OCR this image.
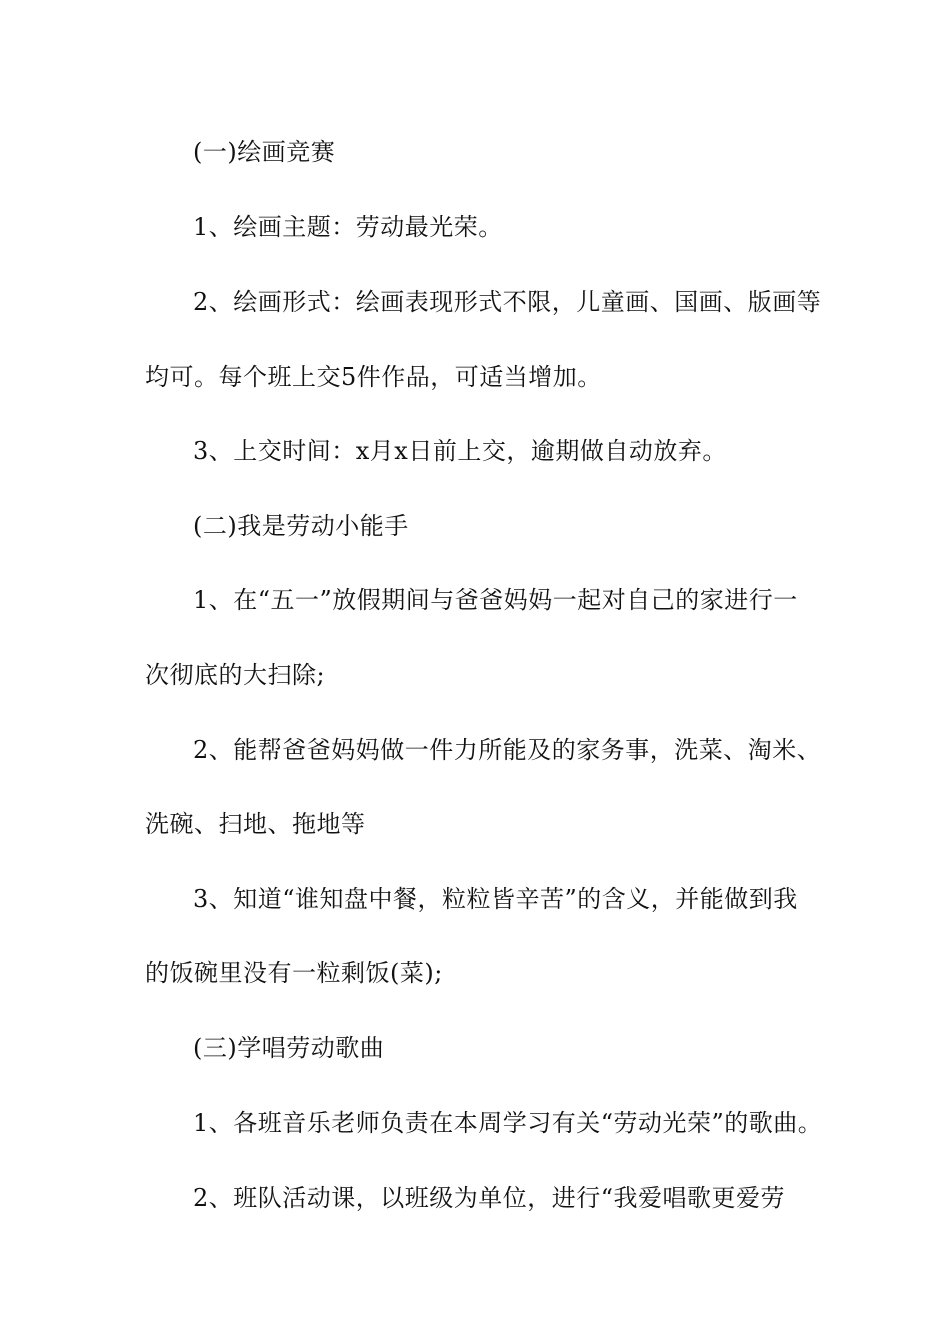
(一)绘画竞赛
1、绘画主题：劳动最光荣。
2、绘画形式：绘画表现形式不限，儿童画、国画、版画等
均可。每个班上交5件作品，可适当增加。
3、上交时间：x月x日前上交，逾期做自动放弃。
(二)我是劳动小能手
1、在“五一”放假期间与爸爸妈妈一起对自己的家进行一
次彻底的大扫除;
2、能帮爸爸妈妈做一件力所能及的家务事，洗菜、淘米、
洗碗、扫地、拖地等
3、知道“谁知盘中餐，粒粒皆辛苦”的含义，并能做到我
的饭碗里没有一粒剩饭(菜);
(三)学唱劳动歌曲
1、各班音乐老师负责在本周学习有关“劳动光荣”的歌曲。
2、班队活动课，以班级为单位，进行“我爱唱歌更爱劳
